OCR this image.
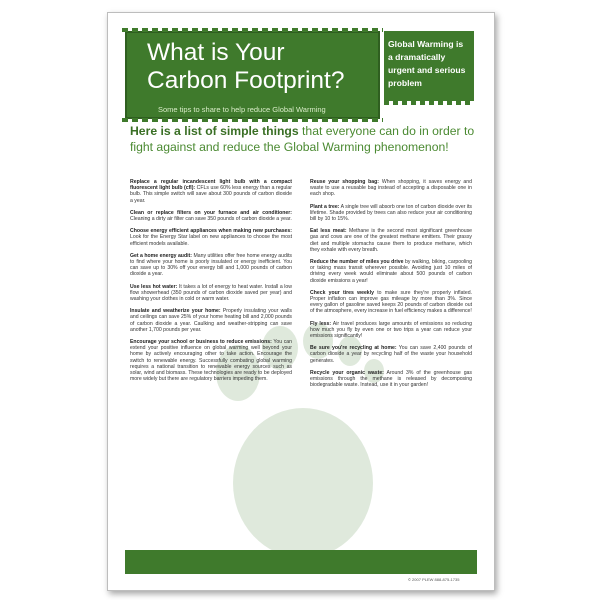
What is Your
Carbon Footprint?
Some tips to share to help reduce Global Warming
Global Warming is a dramatically urgent and serious problem

Here is a list of simple things that everyone can do in order to fight against and reduce the Global Warming phenomenon!

Replace a regular incandescent light bulb with a compact fluorescent light bulb (cfl): CFLs use 60% less energy than a regular bulb. This simple switch will save about 300 pounds of carbon dioxide a year.

Clean or replace filters on your furnace and air conditioner: Cleaning a dirty air filter can save 350 pounds of carbon dioxide a year.

Choose energy efficient appliances when making new purchases: Look for the Energy Star label on new appliances to choose the most efficient models available.

Get a home energy audit: Many utilities offer free home energy audits to find where your home is poorly insulated or energy inefficient. You can save up to 30% off your energy bill and 1,000 pounds of carbon dioxide a year.

Use less hot water: It takes a lot of energy to heat water. Install a low flow showerhead (350 pounds of carbon dioxide saved per year) and washing your clothes in cold or warm water.

Insulate and weatherize your home: Properly insulating your walls and ceilings can save 25% of your home heating bill and 2,000 pounds of carbon dioxide a year. Caulking and weather-stripping can save another 1,700 pounds per year.

Encourage your school or business to reduce emissions: You can extend your positive influence on global warming well beyond your home by actively encouraging other to take action. Encourage the switch to renewable energy. Successfully combating global warming requires a national transition to renewable energy sources such as solar, wind and biomass. These technologies are ready to be deployed more widely but there are regulatory barriers impeding them.

Reuse your shopping bag: When shopping, it saves energy and waste to use a reusable bag instead of accepting a disposable one in each shop.

Plant a tree: A single tree will absorb one ton of carbon dioxide over its lifetime. Shade provided by trees can also reduce your air conditioning bill by 10 to 15%.

Eat less meat: Methane is the second most significant greenhouse gas and cows are one of the greatest methane emitters. Their grassy diet and multiple stomachs cause them to produce methane, which they exhale with every breath.

Reduce the number of miles you drive by walking, biking, carpooling or taking mass transit wherever possible. Avoiding just 10 miles of driving every week would eliminate about 500 pounds of carbon dioxide emissions a year!

Check your tires weekly to make sure they're properly inflated. Proper inflation can improve gas mileage by more than 3%. Since every gallon of gasoline saved keeps 20 pounds of carbon dioxide out of the atmosphere, every increase in fuel efficiency makes a difference!

Fly less: Air travel produces large amounts of emissions so reducing how much you fly by even one or two trips a year can reduce your emissions significantly!

Be sure you're recycling at home: You can save 2,400 pounds of carbon dioxide a year by recycling half of the waste your household generates.

Recycle your organic waste: Around 3% of the greenhouse gas emissions through the methane is released by decomposing biodegradable waste. Instead, use it in your garden!

© 2007 PLEW 888-875-1735
